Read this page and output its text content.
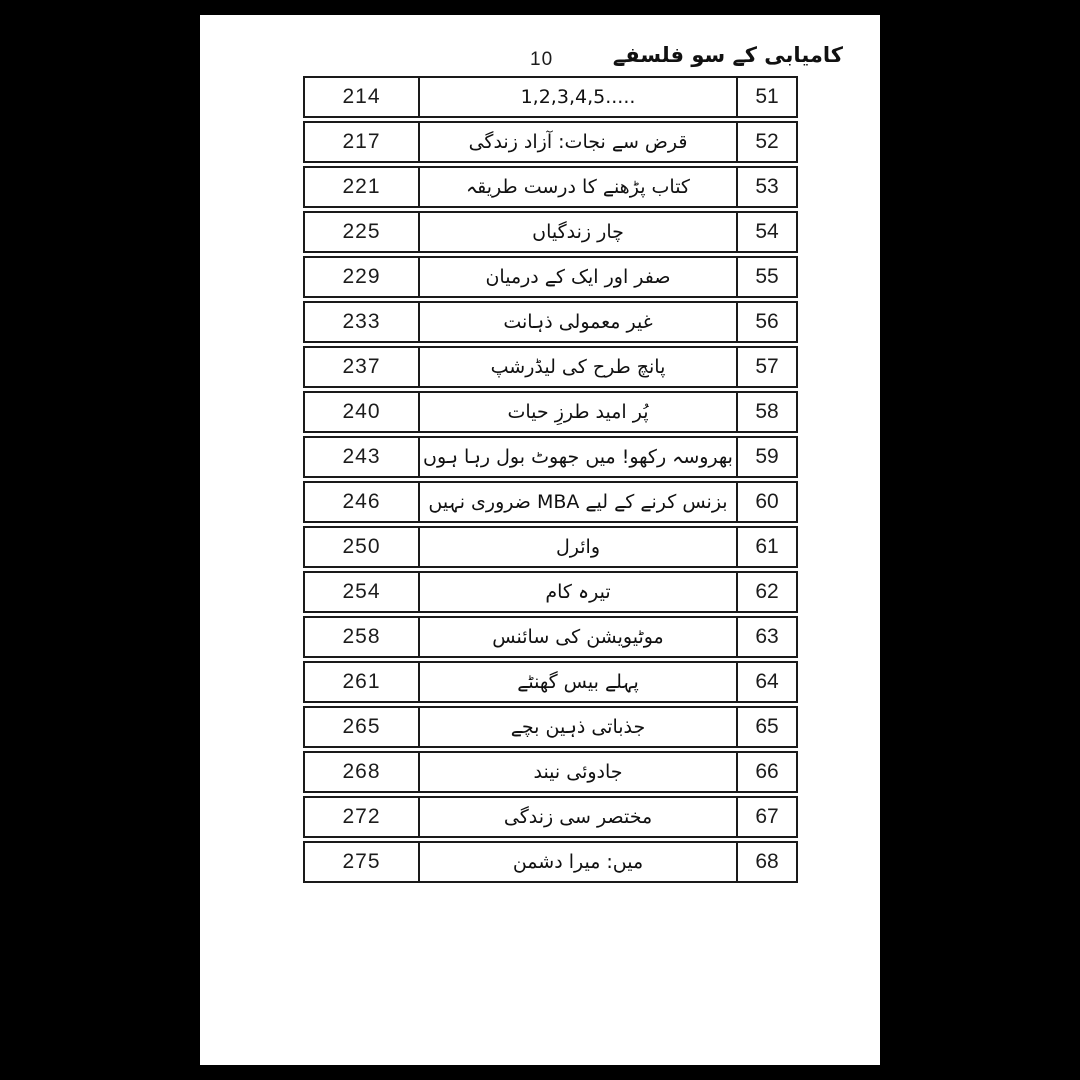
10	کامیابی کے سو فلسفے
214	1,2,3,4,5.....	51
217	قرض سے نجات: آزاد زندگی	52
221	کتاب پڑھنے کا درست طریقہ	53
225	چار زندگیاں	54
229	صفر اور ایک کے درمیان	55
233	غیر معمولی ذہانت	56
237	پانچ طرح کی لیڈرشپ	57
240	پُر امید طرزِ حیات	58
243	بھروسہ رکھو! میں جھوٹ بول رہا ہوں	59
246	بزنس کرنے کے لیے MBA ضروری نہیں	60
250	وائرل	61
254	تیرہ کام	62
258	موٹیویشن کی سائنس	63
261	پہلے بیس گھنٹے	64
265	جذباتی ذہین بچے	65
268	جادوئی نیند	66
272	مختصر سی زندگی	67
275	میں: میرا دشمن	68
